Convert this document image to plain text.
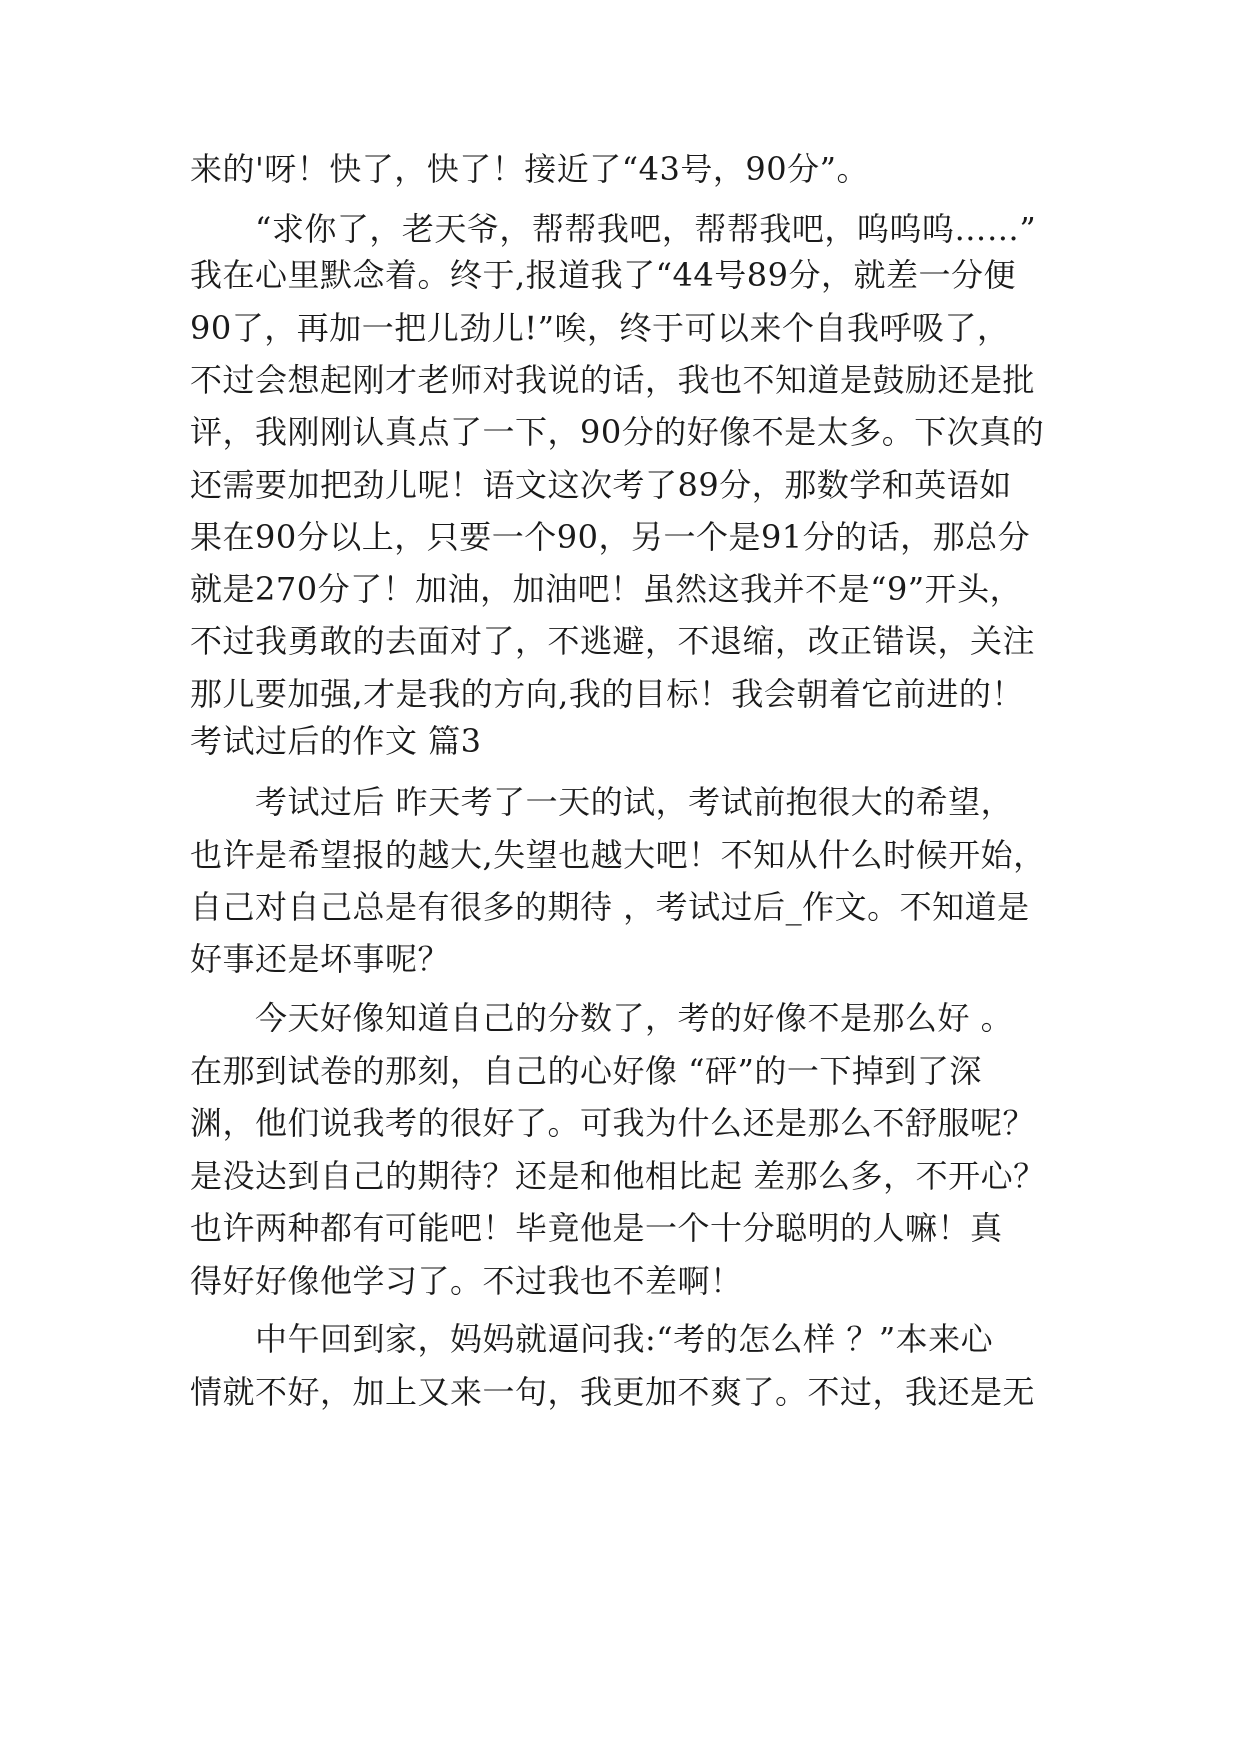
来的'呀！快了，快了！接近了“43号，90分”。
“求你了，老天爷，帮帮我吧，帮帮我吧，呜呜呜……”
我在心里默念着。终于,报道我了“44号89分，就差一分便
90了，再加一把儿劲儿!”唉，终于可以来个自我呼吸了，
不过会想起刚才老师对我说的话，我也不知道是鼓励还是批
评，我刚刚认真点了一下，90分的好像不是太多。下次真的
还需要加把劲儿呢！语文这次考了89分，那数学和英语如
果在90分以上，只要一个90，另一个是91分的话，那总分
就是270分了！加油，加油吧！虽然这我并不是“9”开头，
不过我勇敢的去面对了，不逃避，不退缩，改正错误，关注
那儿要加强,才是我的方向,我的目标！我会朝着它前进的！
考试过后的作文 篇3
考试过后 昨天考了一天的试，考试前抱很大的希望，
也许是希望报的越大,失望也越大吧！不知从什么时候开始，
自己对自己总是有很多的期待 ，考试过后_作文。不知道是
好事还是坏事呢？
今天好像知道自己的分数了，考的好像不是那么好 。
在那到试卷的那刻，自己的心好像 “砰”的一下掉到了深
渊，他们说我考的很好了。可我为什么还是那么不舒服呢？
是没达到自己的期待？还是和他相比起 差那么多，不开心？
也许两种都有可能吧！毕竟他是一个十分聪明的人嘛！真
得好好像他学习了。不过我也不差啊！
中午回到家，妈妈就逼问我:“考的怎么样 ？”本来心
情就不好，加上又来一句，我更加不爽了。不过，我还是无
